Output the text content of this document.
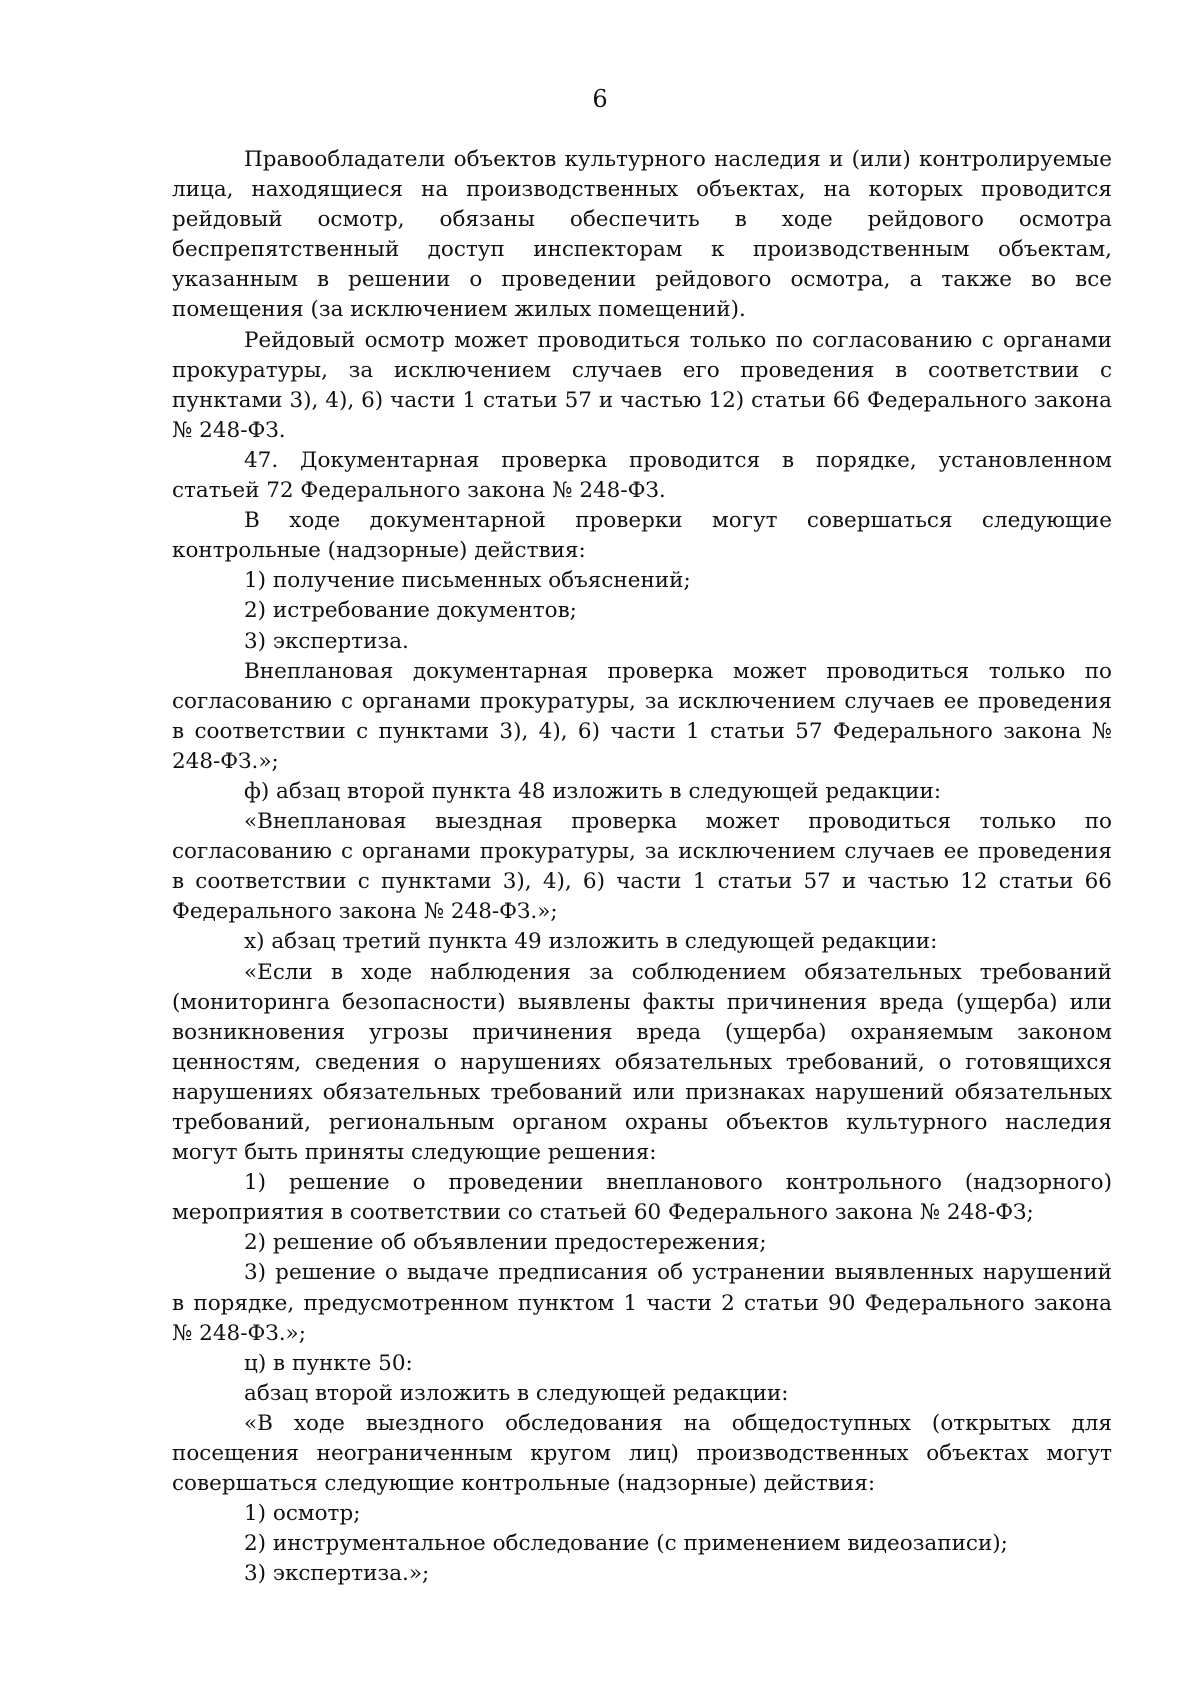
6

Правообладатели объектов культурного наследия и (или) контролируемые лица, находящиеся на производственных объектах, на которых проводится рейдовый осмотр, обязаны обеспечить в ходе рейдового осмотра беспрепятственный доступ инспекторам к производственным объектам, указанным в решении о проведении рейдового осмотра, а также во все помещения (за исключением жилых помещений).

Рейдовый осмотр может проводиться только по согласованию с органами прокуратуры, за исключением случаев его проведения в соответствии с пунктами 3), 4), 6) части 1 статьи 57 и частью 12) статьи 66 Федерального закона № 248-ФЗ.

47. Документарная проверка проводится в порядке, установленном статьей 72 Федерального закона № 248-ФЗ.

В ходе документарной проверки могут совершаться следующие контрольные (надзорные) действия:

1) получение письменных объяснений;

2) истребование документов;

3) экспертиза.

Внеплановая документарная проверка может проводиться только по согласованию с органами прокуратуры, за исключением случаев ее проведения в соответствии с пунктами 3), 4), 6) части 1 статьи 57 Федерального закона № 248-ФЗ.»;

ф) абзац второй пункта 48 изложить в следующей редакции:

«Внеплановая выездная проверка может проводиться только по согласованию с органами прокуратуры, за исключением случаев ее проведения в соответствии с пунктами 3), 4), 6) части 1 статьи 57 и частью 12 статьи 66 Федерального закона № 248-ФЗ.»;

х) абзац третий пункта 49 изложить в следующей редакции:

«Если в ходе наблюдения за соблюдением обязательных требований (мониторинга безопасности) выявлены факты причинения вреда (ущерба) или возникновения угрозы причинения вреда (ущерба) охраняемым законом ценностям, сведения о нарушениях обязательных требований, о готовящихся нарушениях обязательных требований или признаках нарушений обязательных требований, региональным органом охраны объектов культурного наследия могут быть приняты следующие решения:

1) решение о проведении внепланового контрольного (надзорного) мероприятия в соответствии со статьей 60 Федерального закона № 248-ФЗ;

2) решение об объявлении предостережения;

3) решение о выдаче предписания об устранении выявленных нарушений в порядке, предусмотренном пунктом 1 части 2 статьи 90 Федерального закона № 248-ФЗ.»;

ц) в пункте 50:

абзац второй изложить в следующей редакции:

«В ходе выездного обследования на общедоступных (открытых для посещения неограниченным кругом лиц) производственных объектах могут совершаться следующие контрольные (надзорные) действия:

1) осмотр;

2) инструментальное обследование (с применением видеозаписи);

3) экспертиза.»;
